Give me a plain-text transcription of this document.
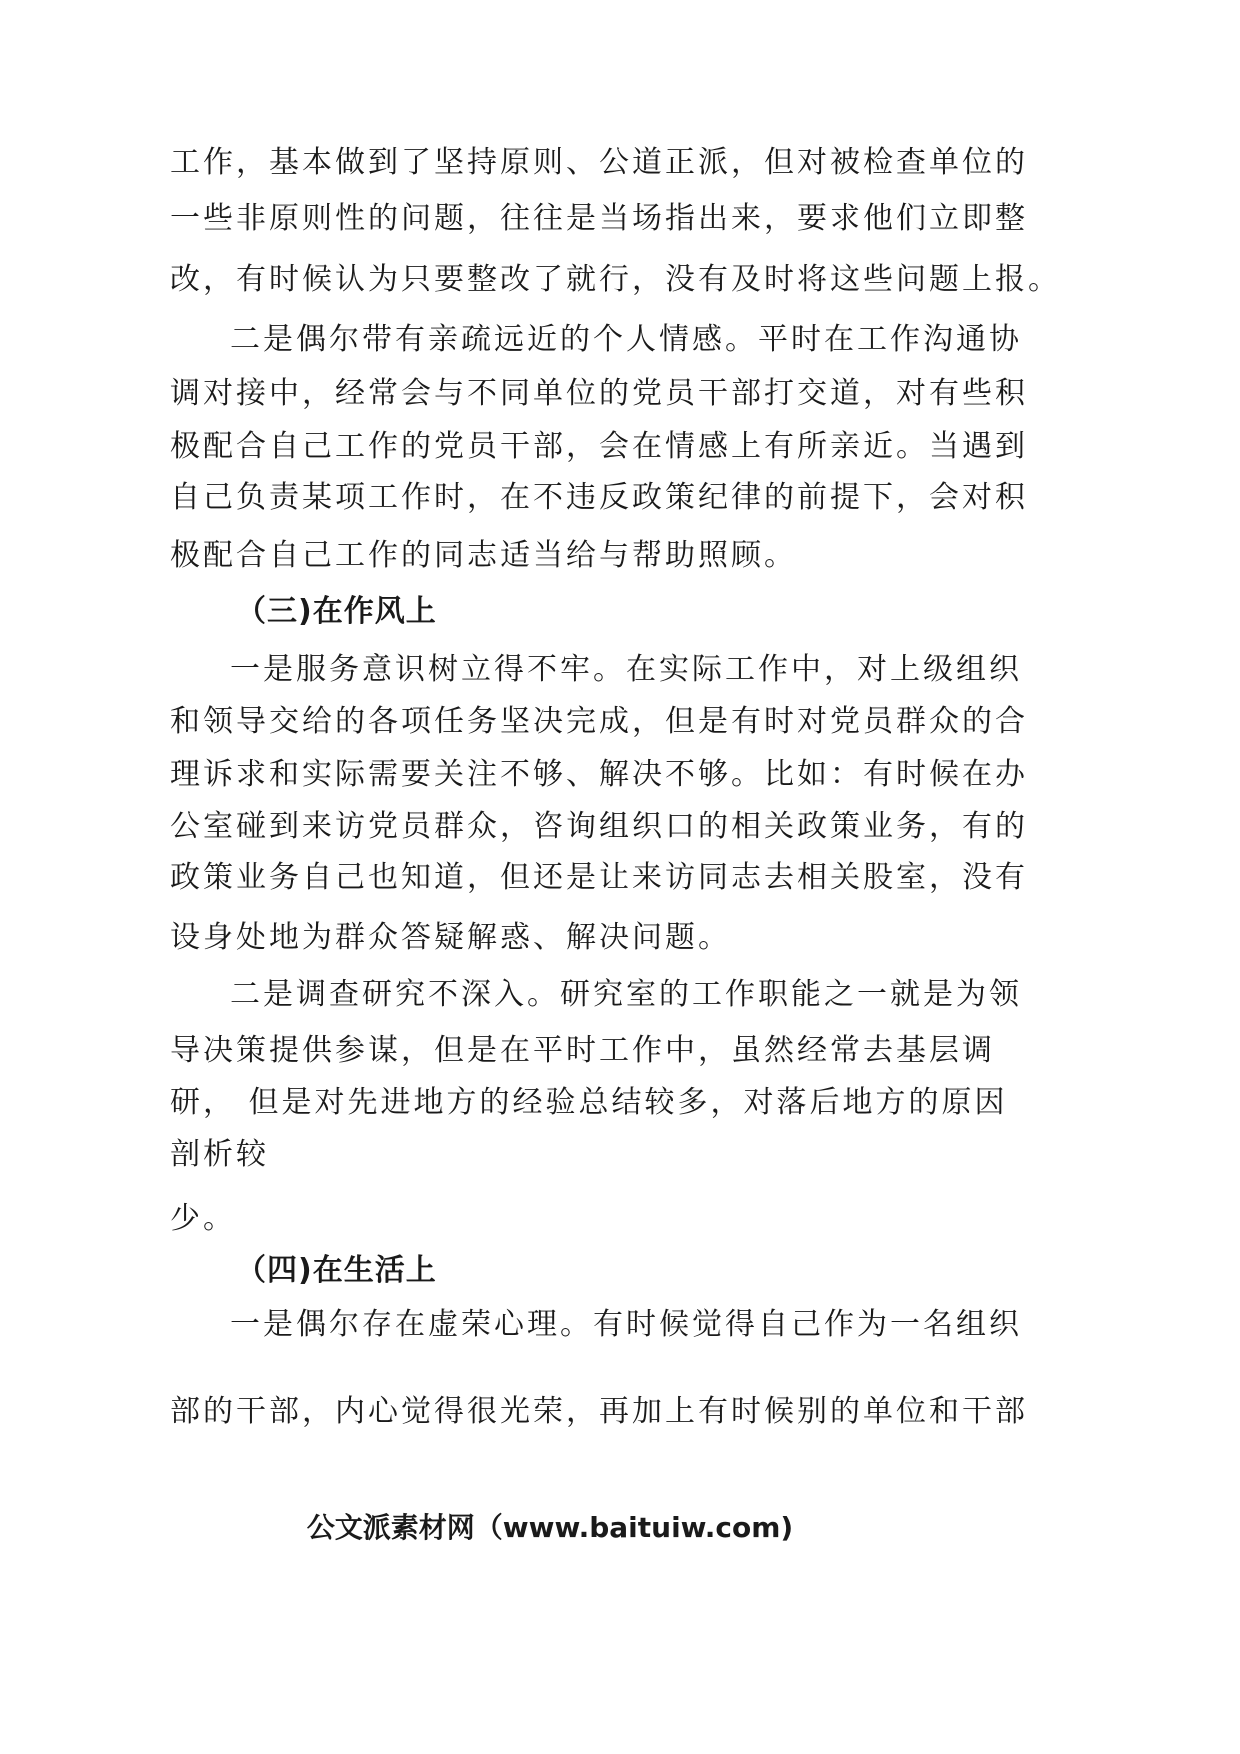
工作，基本做到了坚持原则、公道正派，但对被检查单位的
一些非原则性的问题，往往是当场指出来，要求他们立即整
改，有时候认为只要整改了就行，没有及时将这些问题上报。
二是偶尔带有亲疏远近的个人情感。平时在工作沟通协
调对接中，经常会与不同单位的党员干部打交道，对有些积
极配合自己工作的党员干部，会在情感上有所亲近。当遇到
自己负责某项工作时，在不违反政策纪律的前提下，会对积
极配合自己工作的同志适当给与帮助照顾。
（三)在作风上
一是服务意识树立得不牢。在实际工作中，对上级组织
和领导交给的各项任务坚决完成，但是有时对党员群众的合
理诉求和实际需要关注不够、解决不够。比如：有时候在办
公室碰到来访党员群众，咨询组织口的相关政策业务，有的
政策业务自己也知道，但还是让来访同志去相关股室，没有
设身处地为群众答疑解惑、解决问题。
二是调查研究不深入。研究室的工作职能之一就是为领
导决策提供参谋，但是在平时工作中，虽然经常去基层调
研， 但是对先进地方的经验总结较多，对落后地方的原因
剖析较
少。
（四)在生活上
一是偶尔存在虚荣心理。有时候觉得自己作为一名组织
部的干部，内心觉得很光荣，再加上有时候别的单位和干部
公文派素材网（www.baituiw.com)
